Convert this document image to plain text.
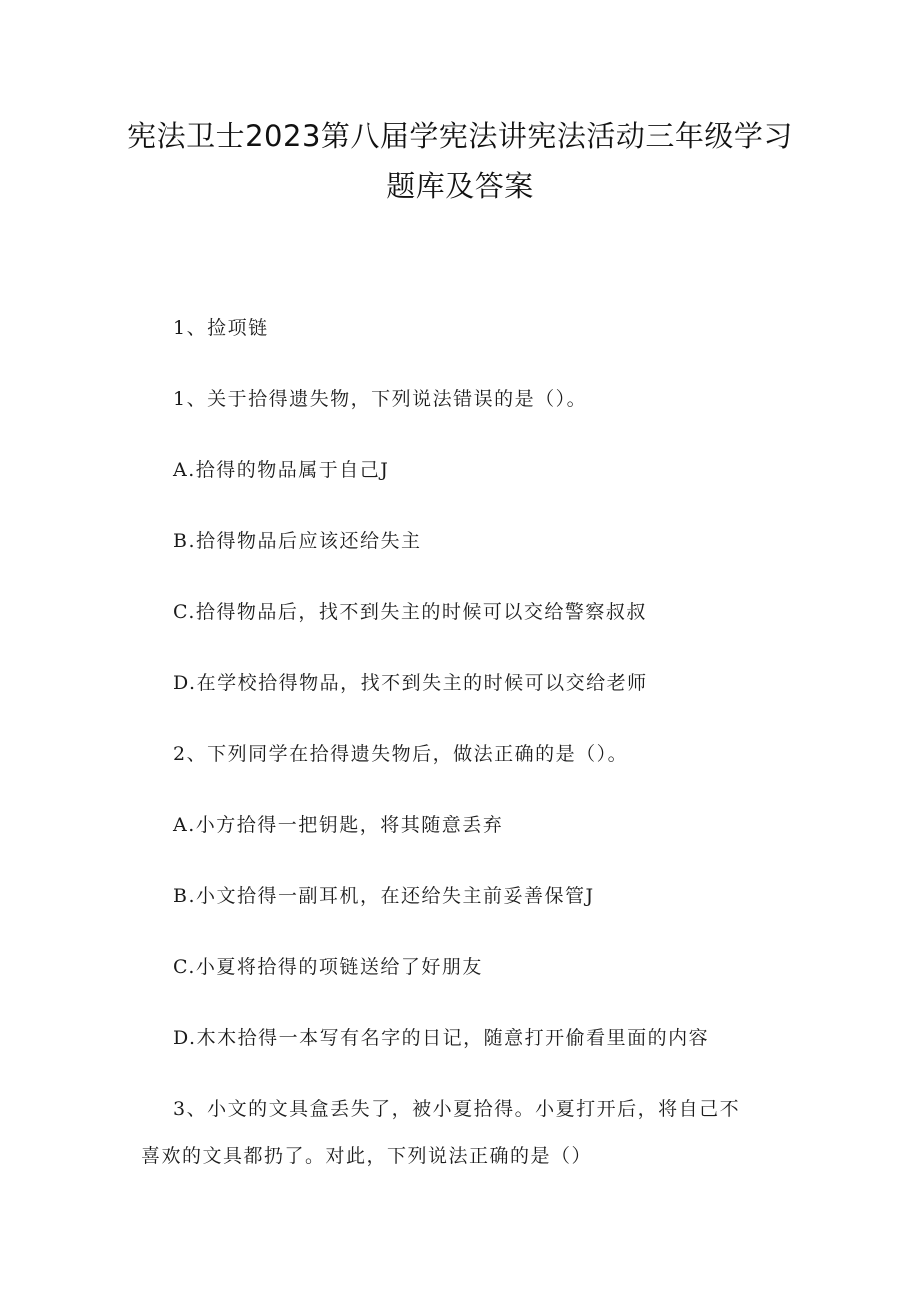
宪法卫士2023第八届学宪法讲宪法活动三年级学习
题库及答案
1、捡项链
1、关于拾得遗失物，下列说法错误的是（）。
A.拾得的物品属于自己J
B.拾得物品后应该还给失主
C.拾得物品后，找不到失主的时候可以交给警察叔叔
D.在学校拾得物品，找不到失主的时候可以交给老师
2、下列同学在拾得遗失物后，做法正确的是（）。
A.小方拾得一把钥匙，将其随意丢弃
B.小文拾得一副耳机，在还给失主前妥善保管J
C.小夏将拾得的项链送给了好朋友
D.木木拾得一本写有名字的日记，随意打开偷看里面的内容
3、小文的文具盒丢失了，被小夏拾得。小夏打开后，将自己不
喜欢的文具都扔了。对此，下列说法正确的是（）
